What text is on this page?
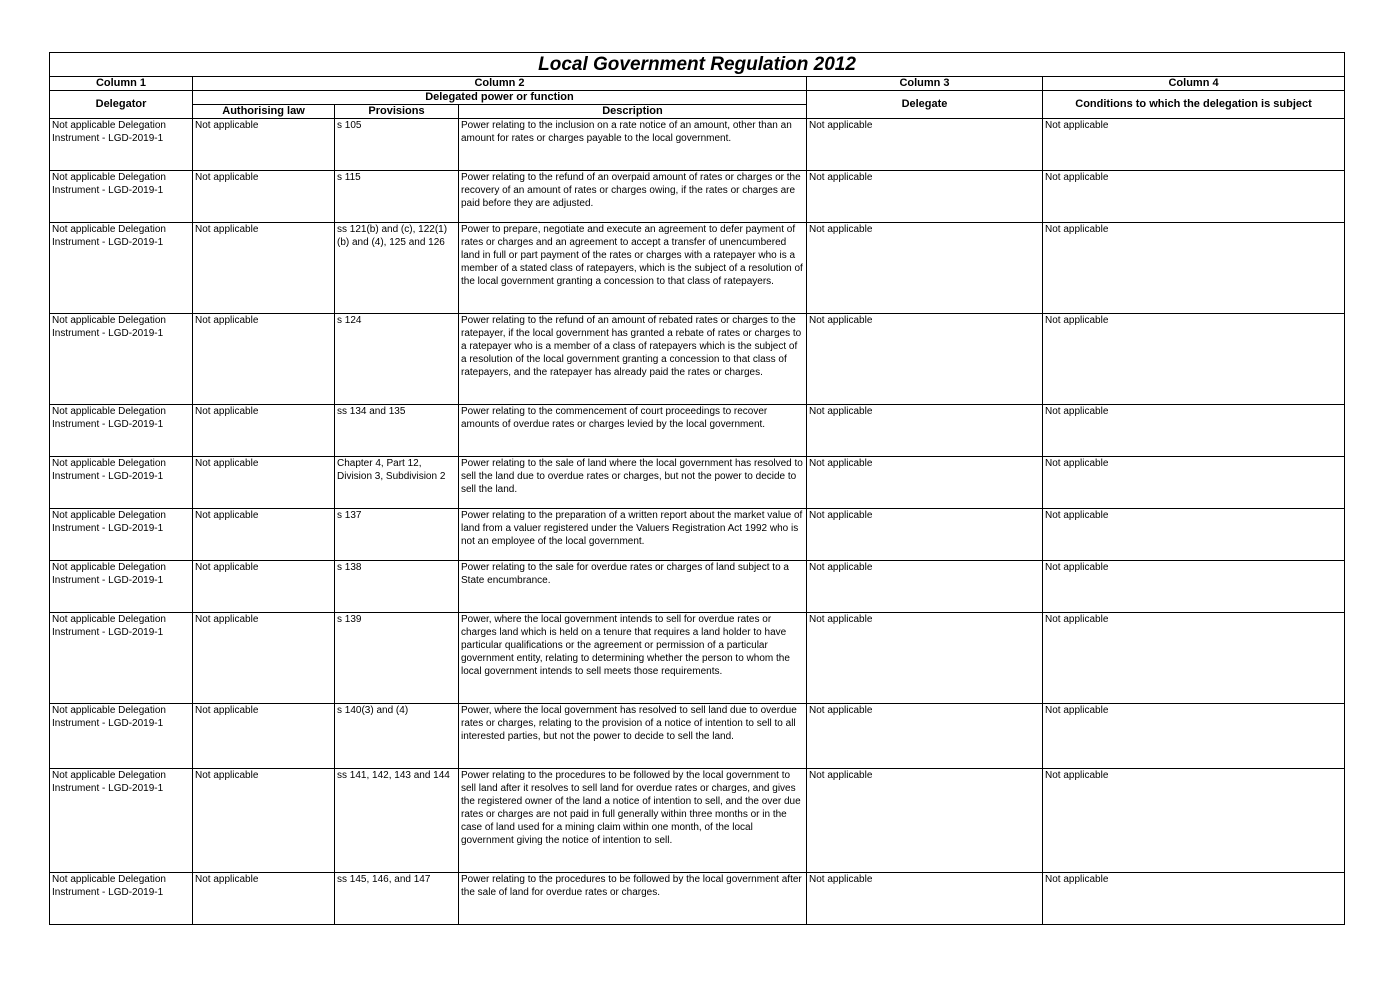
Local Government Regulation 2012					
Column 1	Column 2			Column 3	Column 4
Delegator	Delegated power or function			Delegate	Conditions to which the delegation is subject
	Authorising law	Provisions	Description		
Not applicable Delegation Instrument - LGD-2019-1	Not applicable	s 105	Power relating to the inclusion on a rate notice of an amount, other than an amount for rates or charges payable to the local government.	Not applicable	Not applicable
Not applicable Delegation Instrument - LGD-2019-1	Not applicable	s 115	Power relating to the refund of an overpaid amount of rates or charges or the recovery of an amount of rates or charges owing, if the rates or charges are paid before they are adjusted.	Not applicable	Not applicable
Not applicable Delegation Instrument - LGD-2019-1	Not applicable	ss 121(b) and (c), 122(1)(b) and (4), 125 and 126	Power to prepare, negotiate and execute an agreement to defer payment of rates or charges and an agreement to accept a transfer of unencumbered land in full or part payment of the rates or charges with a ratepayer who is a member of a stated class of ratepayers, which is the subject of a resolution of the local government granting a concession to that class of ratepayers.	Not applicable	Not applicable
Not applicable Delegation Instrument - LGD-2019-1	Not applicable	s 124	Power relating to the refund of an amount of rebated rates or charges to the ratepayer, if the local government has granted a rebate of rates or charges to a ratepayer who is a member of a class of ratepayers which is the subject of a resolution of the local government granting a concession to that class of ratepayers, and the ratepayer has already paid the rates or charges.	Not applicable	Not applicable
Not applicable Delegation Instrument - LGD-2019-1	Not applicable	ss 134 and 135	Power relating to the commencement of court proceedings to recover amounts of overdue rates or charges levied by the local government.	Not applicable	Not applicable
Not applicable Delegation Instrument - LGD-2019-1	Not applicable	Chapter 4, Part 12, Division 3, Subdivision 2	Power relating to the sale of land where the local government has resolved to sell the land due to overdue rates or charges, but not the power to decide to sell the land.	Not applicable	Not applicable
Not applicable Delegation Instrument - LGD-2019-1	Not applicable	s 137	Power relating to the preparation of a written report about the market value of land from a valuer registered under the Valuers Registration Act 1992 who is not an employee of the local government.	Not applicable	Not applicable
Not applicable Delegation Instrument - LGD-2019-1	Not applicable	s 138	Power relating to the sale for overdue rates or charges of land subject to a State encumbrance.	Not applicable	Not applicable
Not applicable Delegation Instrument - LGD-2019-1	Not applicable	s 139	Power, where the local government intends to sell for overdue rates or charges land which is held on a tenure that requires a land holder to have particular qualifications or the agreement or permission of a particular government entity, relating to determining whether the person to whom the local government intends to sell meets those requirements.	Not applicable	Not applicable
Not applicable Delegation Instrument - LGD-2019-1	Not applicable	s 140(3) and (4)	Power, where the local government has resolved to sell land due to overdue rates or charges, relating to the provision of a notice of intention to sell to all interested parties, but not the power to decide to sell the land.	Not applicable	Not applicable
Not applicable Delegation Instrument - LGD-2019-1	Not applicable	ss 141, 142, 143 and 144	Power relating to the procedures to be followed by the local government to sell land after it resolves to sell land for overdue rates or charges, and gives the registered owner of the land a notice of intention to sell, and the over due rates or charges are not paid in full generally within three months or in the case of land used for a mining claim within one month, of the local government giving the notice of intention to sell.	Not applicable	Not applicable
Not applicable Delegation Instrument - LGD-2019-1	Not applicable	ss 145, 146, and 147	Power relating to the procedures to be followed by the local government after the sale of land for overdue rates or charges.	Not applicable	Not applicable
